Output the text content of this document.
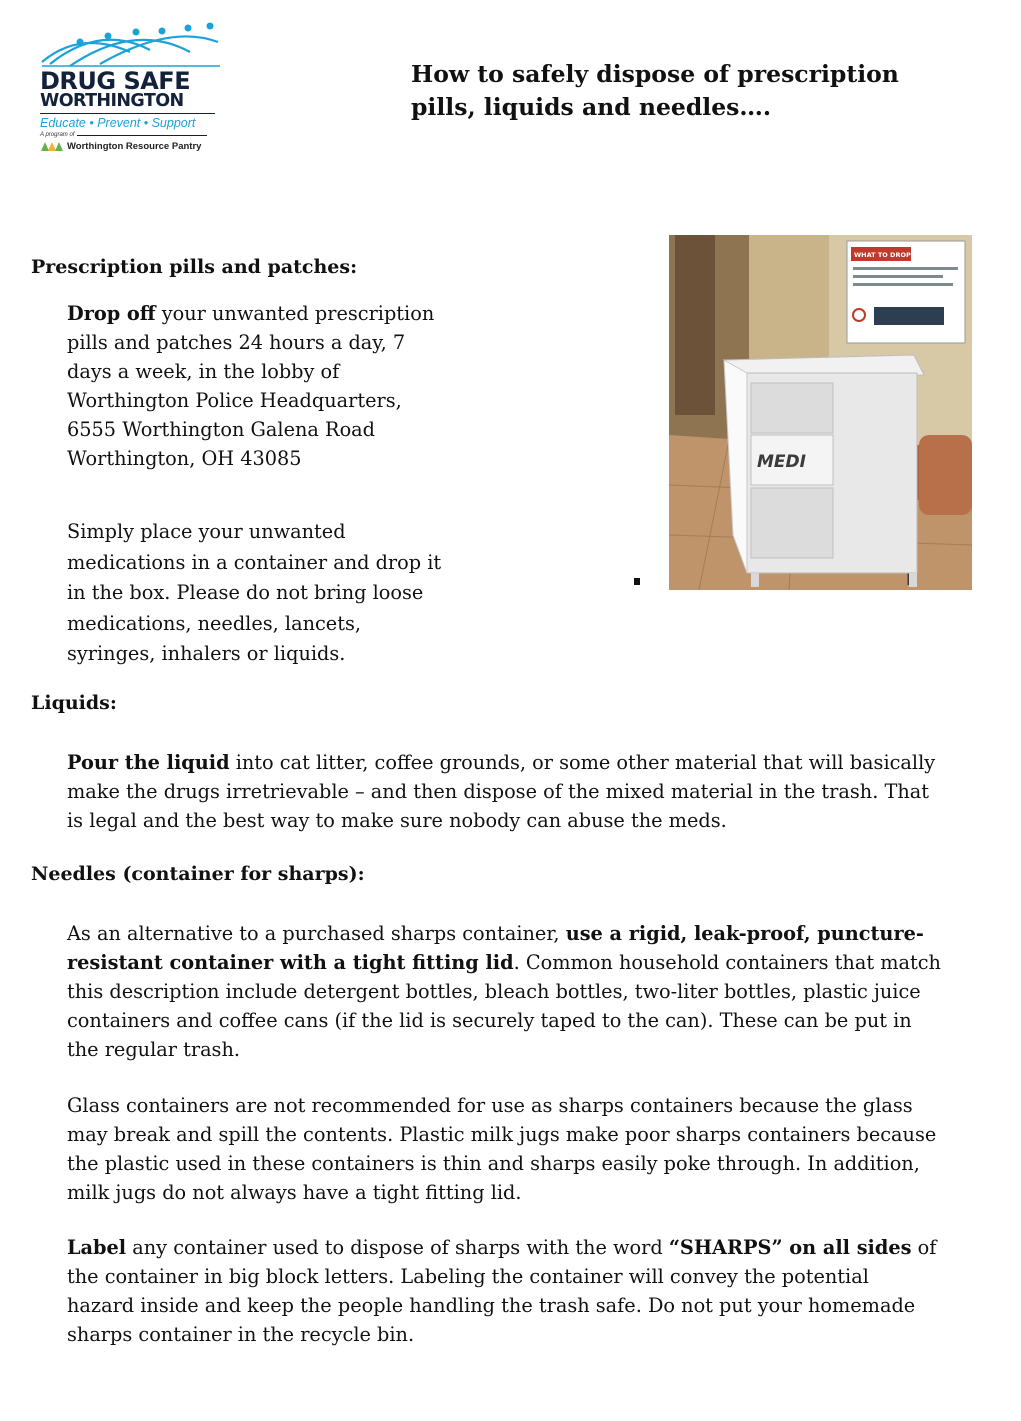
DRUG SAFE
WORTHINGTON
Educate • Prevent • Support
A program of
Worthington Resource Pantry
How to safely dispose of prescription
pills, liquids and needles….
Prescription pills and patches:
Drop off your unwanted prescription
pills and patches 24 hours a day, 7
days a week, in the lobby of
Worthington Police Headquarters,
6555 Worthington Galena Road
Worthington, OH 43085
Simply place your unwanted
medications in a container and drop it
in the box. Please do not bring loose
medications, needles, lancets,
syringes, inhalers or liquids.
WHAT TO DROP
MEDI
Liquids:
Pour the liquid into cat litter, coffee grounds, or some other material that will basically
make the drugs irretrievable – and then dispose of the mixed material in the trash. That
is legal and the best way to make sure nobody can abuse the meds.
Needles (container for sharps):
As an alternative to a purchased sharps container, use a rigid, leak-proof, puncture-
resistant container with a tight fitting lid. Common household containers that match
this description include detergent bottles, bleach bottles, two-liter bottles, plastic juice
containers and coffee cans (if the lid is securely taped to the can). These can be put in
the regular trash.
Glass containers are not recommended for use as sharps containers because the glass
may break and spill the contents. Plastic milk jugs make poor sharps containers because
the plastic used in these containers is thin and sharps easily poke through. In addition,
milk jugs do not always have a tight fitting lid.
Label any container used to dispose of sharps with the word “SHARPS” on all sides of
the container in big block letters. Labeling the container will convey the potential
hazard inside and keep the people handling the trash safe. Do not put your homemade
sharps container in the recycle bin.
